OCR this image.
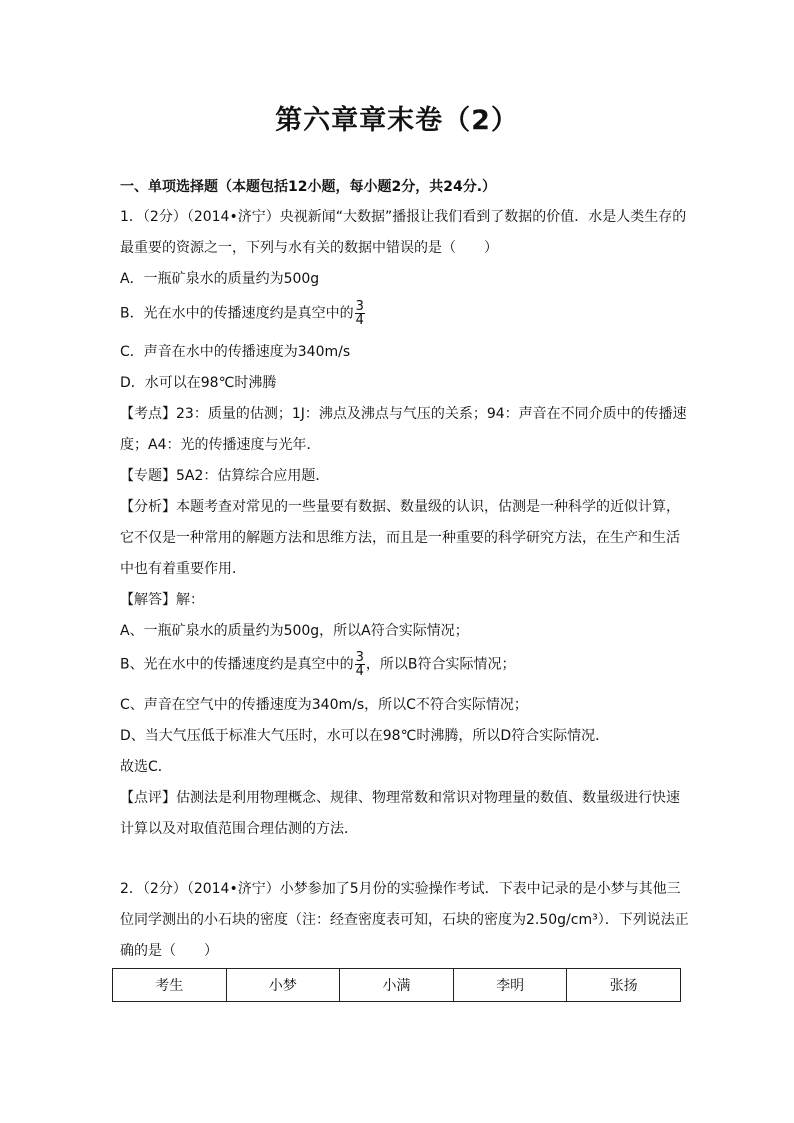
第六章章末卷（2）
一、单项选择题（本题包括12小题，每小题2分，共24分.）
1．（2分）（2014•济宁）央视新闻“大数据”播报让我们看到了数据的价值．水是人类生存的
最重要的资源之一，下列与水有关的数据中错误的是（　　）
A．一瓶矿泉水的质量约为500g
B．光在水中的传播速度约是真空中的 $\frac{3}{4}$
C．声音在水中的传播速度为340m/s
D．水可以在98℃时沸腾
【考点】23：质量的估测；1J：沸点及沸点与气压的关系；94：声音在不同介质中的传播速
度；A4：光的传播速度与光年．
【专题】5A2：估算综合应用题．
【分析】本题考查对常见的一些量要有数据、数量级的认识，估测是一种科学的近似计算，
它不仅是一种常用的解题方法和思维方法，而且是一种重要的科学研究方法，在生产和生活
中也有着重要作用．
【解答】解：
A、一瓶矿泉水的质量约为500g，所以A符合实际情况；
B、光在水中的传播速度约是真空中的 $\frac{3}{4}$ ，所以B符合实际情况；
C、声音在空气中的传播速度为340m/s，所以C不符合实际情况；
D、当大气压低于标准大气压时，水可以在98℃时沸腾，所以D符合实际情况．
故选C．
【点评】估测法是利用物理概念、规律、物理常数和常识对物理量的数值、数量级进行快速
计算以及对取值范围合理估测的方法．
2．（2分）（2014•济宁）小梦参加了5月份的实验操作考试．下表中记录的是小梦与其他三
位同学测出的小石块的密度（注：经查密度表可知，石块的密度为2.50g/cm³）．下列说法正
确的是（　　）
考生	小梦	小满	李明	张扬
